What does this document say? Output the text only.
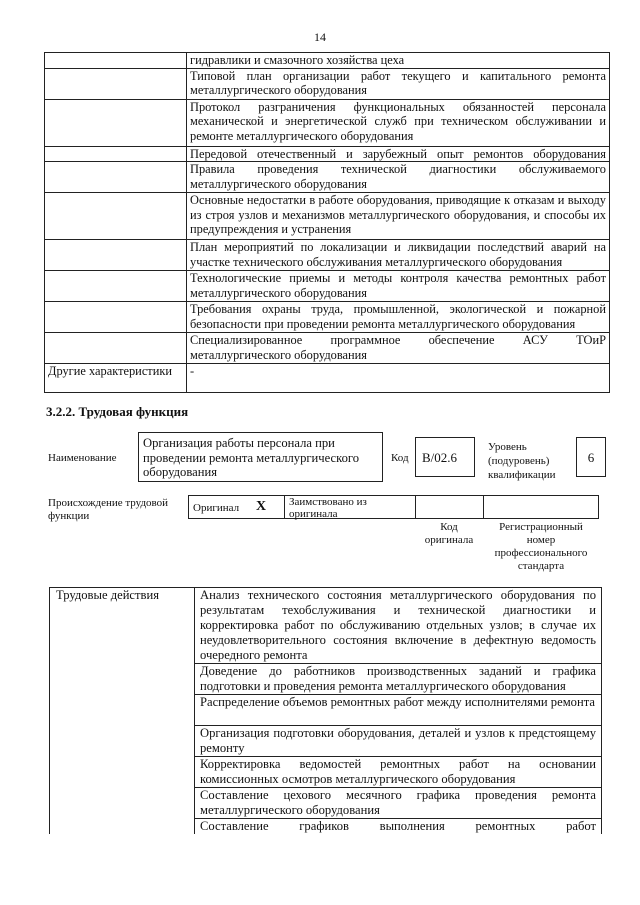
14
	гидравлики и смазочного хозяйства цеха
	Типовой план организации работ текущего и капитального ремонта металлургического оборудования
	Протокол разграничения функциональных обязанностей персонала механической и энергетической служб при техническом обслуживании и ремонте металлургического оборудования
	Передовой отечественный и зарубежный опыт ремонтов оборудования
	Правила проведения технической диагностики обслуживаемого металлургического оборудования
	Основные недостатки в работе оборудования, приводящие к отказам и выходу из строя узлов и механизмов металлургического оборудования, и способы их предупреждения и устранения
	План мероприятий по локализации и ликвидации последствий аварий на участке технического обслуживания металлургического оборудования
	Технологические приемы и методы контроля качества ремонтных работ металлургического оборудования
	Требования охраны труда, промышленной, экологической и пожарной безопасности при проведении ремонта металлургического оборудования
	Специализированное программное обеспечение АСУ ТОиР металлургического оборудования
Другие характеристики	-
3.2.2. Трудовая функция
Наименование
Организация работы персонала при проведении ремонта металлургического оборудования
Код	В/02.6
Уровень (подуровень) квалификации
6
Происхождение трудовой функции
Оригинал X Заимствовано из оригинала
Код оригинала
Регистрационный номер профессионального стандарта
Трудовые действия	Анализ технического состояния металлургического оборудования по результатам техобслуживания и технической диагностики и корректировка работ по обслуживанию отдельных узлов; в случае их неудовлетворительного состояния включение в дефектную ведомость очередного ремонта
Доведение до работников производственных заданий и графика подготовки и проведения ремонта металлургического оборудования
Распределение объемов ремонтных работ между исполнителями ремонта
Организация подготовки оборудования, деталей и узлов к предстоящему ремонту
Корректировка ведомостей ремонтных работ на основании комиссионных осмотров металлургического оборудования
Составление цехового месячного графика проведения ремонта металлургического оборудования
Составление графиков выполнения ремонтных работ
